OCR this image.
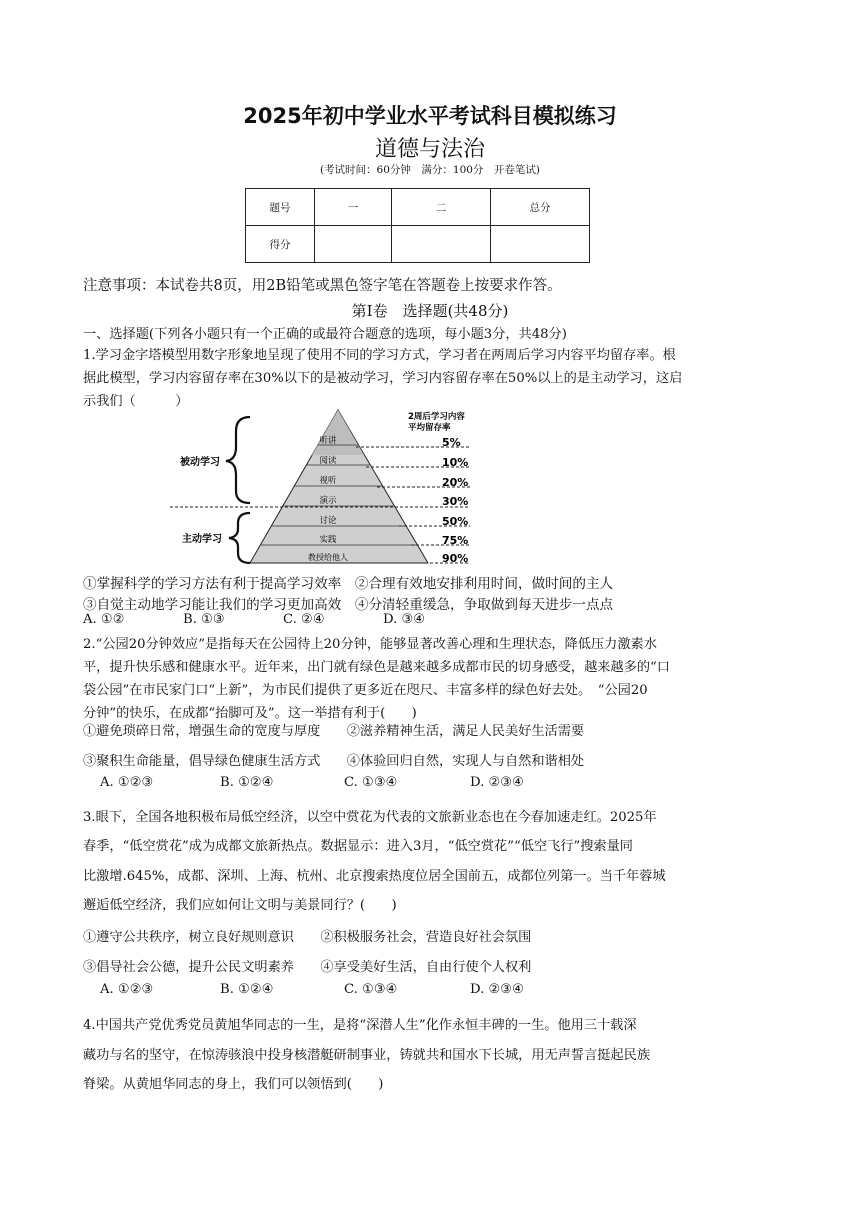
2025年初中学业水平考试科目模拟练习
道德与法治
(考试时间：60分钟　满分：100分　开卷笔试)
题号	一	二	总分
得分			
注意事项：本试卷共8页，用2B铅笔或黑色签字笔在答题卷上按要求作答。
第Ⅰ卷　选择题(共48分)
一、选择题(下列各小题只有一个正确的或最符合题意的选项，每小题3分，共48分)
1.学习金字塔模型用数字形象地呈现了使用不同的学习方式，学习者在两周后学习内容平均留存率。根
据此模型，学习内容留存率在30%以下的是被动学习，学习内容留存率在50%以上的是主动学习，这启
示我们（　　　）
听讲
阅读
视听
演示
讨论
实践
教授给他人
2周后学习内容
平均留存率
5%
10%
20%
30%
50%
75%
90%
被动学习
主动学习
①掌握科学的学习方法有利于提高学习效率　②合理有效地安排利用时间，做时间的主人
③自觉主动地学习能让我们的学习更加高效　④分清轻重缓急，争取做到每天进步一点点
A. ①②	B. ①③	C. ②④	D. ③④
2.“公园20分钟效应”是指每天在公园待上20分钟，能够显著改善心理和生理状态，降低压力激素水
平，提升快乐感和健康水平。近年来，出门就有绿色是越来越多成都市民的切身感受，越来越多的“口
袋公园”在市民家门口“上新”，为市民们提供了更多近在咫尺、丰富多样的绿色好去处。　“公园20
分钟”的快乐，在成都“抬脚可及”。这一举措有利于(　　)
①避免琐碎日常，增强生命的宽度与厚度　　②滋养精神生活，满足人民美好生活需要
③聚积生命能量，倡导绿色健康生活方式　　④体验回归自然，实现人与自然和谐相处
A. ①②③	B. ①②④	C. ①③④	D. ②③④
3.眼下，全国各地积极布局低空经济，以空中赏花为代表的文旅新业态也在今春加速走红。2025年
春季，“低空赏花”成为成都文旅新热点。数据显示：进入3月，“低空赏花”“低空飞行”搜索量同
比激增.645%，成都、深圳、上海、杭州、北京搜索热度位居全国前五，成都位列第一。当千年蓉城
邂逅低空经济，我们应如何让文明与美景同行？(　　)
①遵守公共秩序，树立良好规则意识　　②积极服务社会，营造良好社会氛围
③倡导社会公德，提升公民文明素养　　④享受美好生活，自由行使个人权利
A. ①②③	B. ①②④	C. ①③④	D. ②③④
4.中国共产党优秀党员黄旭华同志的一生，是将“深潜人生”化作永恒丰碑的一生。他用三十载深
藏功与名的坚守，在惊涛骇浪中投身核潜艇研制事业，铸就共和国水下长城，用无声誓言挺起民族
脊梁。从黄旭华同志的身上，我们可以领悟到(　　)
